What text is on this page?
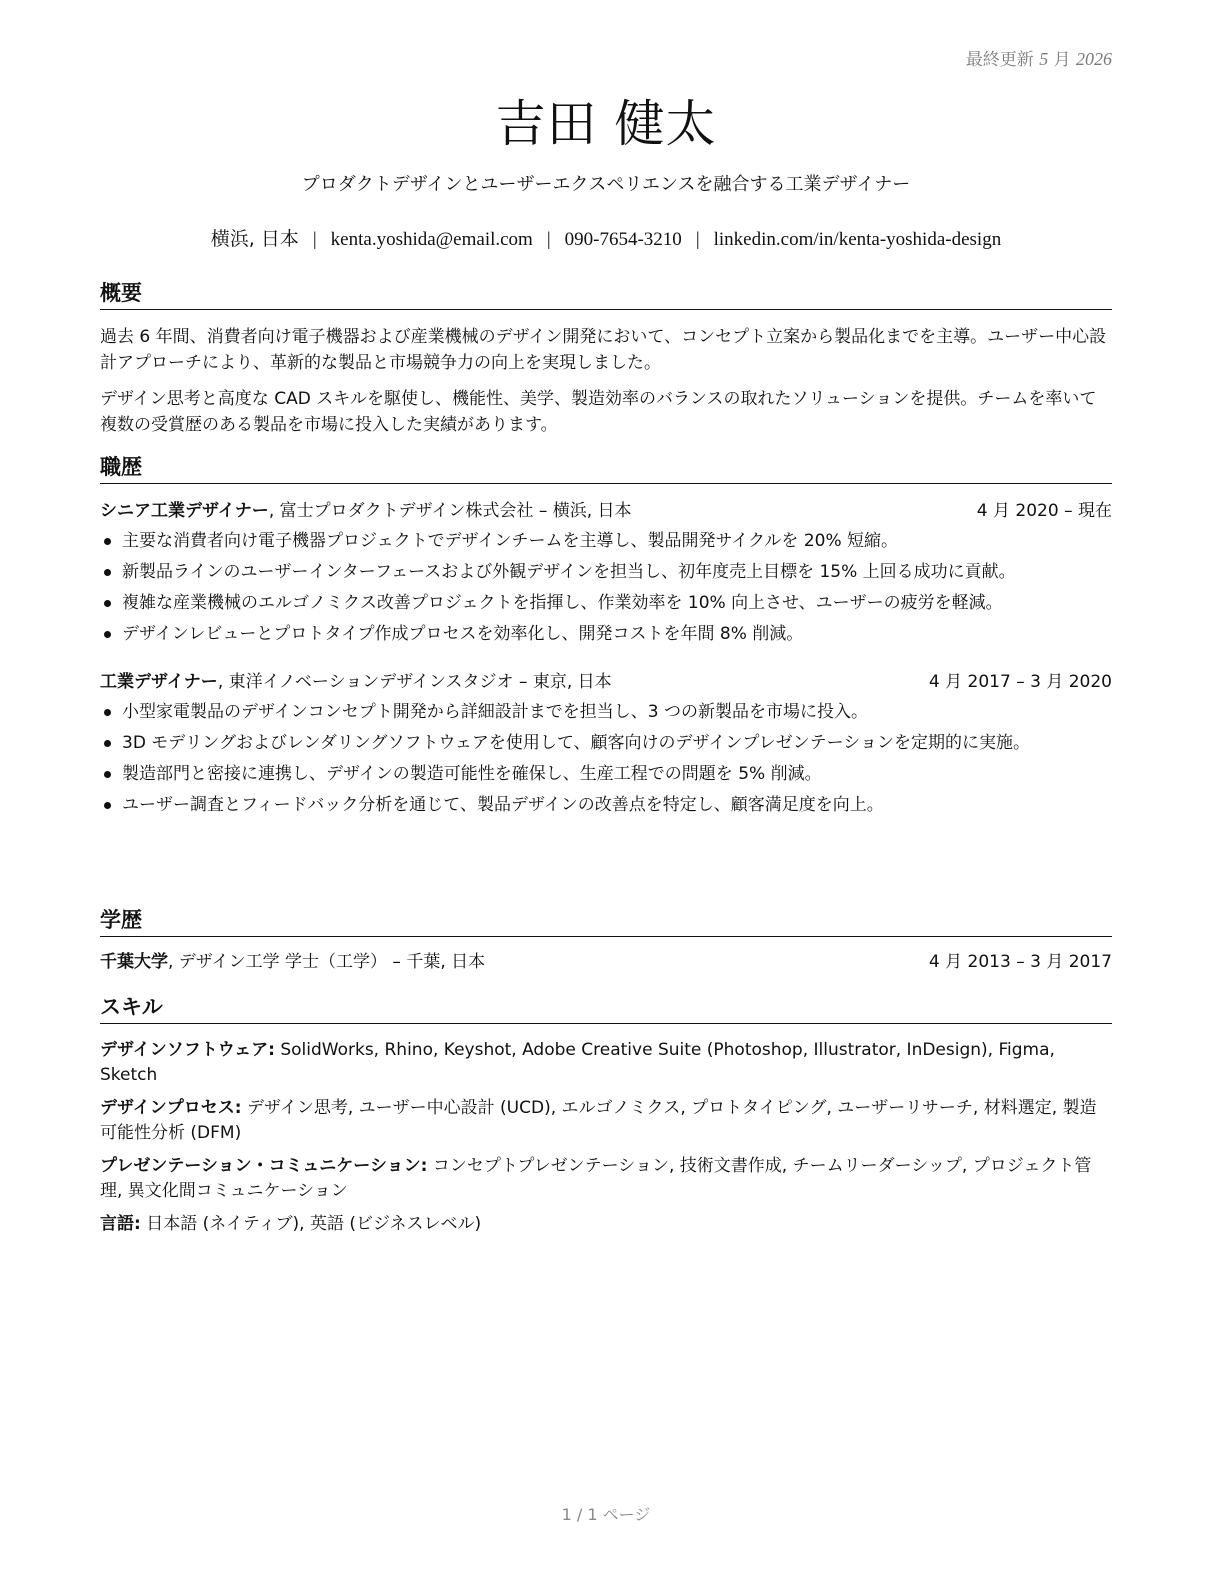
最終更新 5 月 2026
吉田 健太
プロダクトデザインとユーザーエクスペリエンスを融合する工業デザイナー
横浜, 日本 | kenta.yoshida@email.com | 090-7654-3210 | linkedin.com/in/kenta-yoshida-design
概要

過去 6 年間、消費者向け電子機器および産業機械のデザイン開発において、コンセプト立案から製品化までを主導。ユーザー中心設計アプローチにより、革新的な製品と市場競争力の向上を実現しました。

デザイン思考と高度な CAD スキルを駆使し、機能性、美学、製造効率のバランスの取れたソリューションを提供。チームを率いて複数の受賞歴のある製品を市場に投入した実績があります。

職歴
シニア工業デザイナー, 富士プロダクトデザイン株式会社 – 横浜, 日本	4 月 2020 – 現在
主要な消費者向け電子機器プロジェクトでデザインチームを主導し、製品開発サイクルを 20% 短縮。
新製品ラインのユーザーインターフェースおよび外観デザインを担当し、初年度売上目標を 15% 上回る成功に貢献。
複雑な産業機械のエルゴノミクス改善プロジェクトを指揮し、作業効率を 10% 向上させ、ユーザーの疲労を軽減。
デザインレビューとプロトタイプ作成プロセスを効率化し、開発コストを年間 8% 削減。
工業デザイナー, 東洋イノベーションデザインスタジオ – 東京, 日本	4 月 2017 – 3 月 2020
小型家電製品のデザインコンセプト開発から詳細設計までを担当し、3 つの新製品を市場に投入。
3D モデリングおよびレンダリングソフトウェアを使用して、顧客向けのデザインプレゼンテーションを定期的に実施。
製造部門と密接に連携し、デザインの製造可能性を確保し、生産工程での問題を 5% 削減。
ユーザー調査とフィードバック分析を通じて、製品デザインの改善点を特定し、顧客満足度を向上。
学歴
千葉大学, デザイン工学 学士（工学） – 千葉, 日本	4 月 2013 – 3 月 2017
スキル
デザインソフトウェア: SolidWorks, Rhino, Keyshot, Adobe Creative Suite (Photoshop, Illustrator, InDesign), Figma, Sketch
デザインプロセス: デザイン思考, ユーザー中心設計 (UCD), エルゴノミクス, プロトタイピング, ユーザーリサーチ, 材料選定, 製造可能性分析 (DFM)
プレゼンテーション・コミュニケーション: コンセプトプレゼンテーション, 技術文書作成, チームリーダーシップ, プロジェクト管理, 異文化間コミュニケーション
言語: 日本語 (ネイティブ), 英語 (ビジネスレベル)
1 / 1 ページ
